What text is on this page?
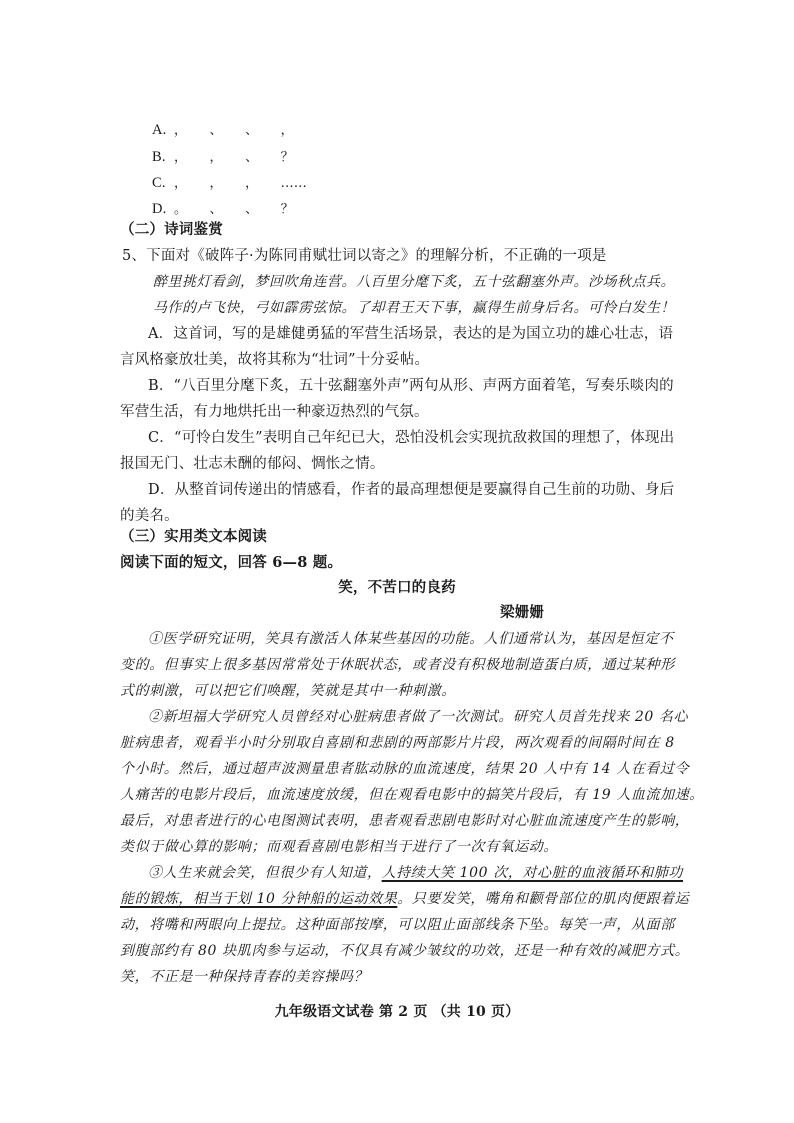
A. ， 、 、 ，
B. ， ， 、 ？
C. ， ， ， ……
D. 。 、 、 ？
（二）诗词鉴赏
5、下面对《破阵子·为陈同甫赋壮词以寄之》的理解分析，不正确的一项是
醉里挑灯看剑，梦回吹角连营。八百里分麾下炙，五十弦翻塞外声。沙场秋点兵。
马作的卢飞快，弓如霹雳弦惊。了却君王天下事，赢得生前身后名。可怜白发生！
A．这首词，写的是雄健勇猛的军营生活场景，表达的是为国立功的雄心壮志，语
言风格豪放壮美，故将其称为“壮词”十分妥帖。
B．“八百里分麾下炙，五十弦翻塞外声”两句从形、声两方面着笔，写奏乐啖肉的
军营生活，有力地烘托出一种豪迈热烈的气氛。
C．“可怜白发生”表明自己年纪已大，恐怕没机会实现抗敌救国的理想了，体现出
报国无门、壮志未酬的郁闷、惆怅之情。
D．从整首词传递出的情感看，作者的最高理想便是要赢得自己生前的功勋、身后
的美名。
（三）实用类文本阅读
阅读下面的短文，回答 6—8 题。
笑，不苦口的良药
梁姗姗
①医学研究证明，笑具有激活人体某些基因的功能。人们通常认为，基因是恒定不
变的。但事实上很多基因常常处于休眠状态，或者没有积极地制造蛋白质，通过某种形
式的刺激，可以把它们唤醒，笑就是其中一种刺激。
②新坦福大学研究人员曾经对心脏病患者做了一次测试。研究人员首先找来 20 名心
脏病患者，观看半小时分别取自喜剧和悲剧的两部影片片段，两次观看的间隔时间在 8
个小时。然后，通过超声波测量患者肱动脉的血流速度，结果 20 人中有 14 人在看过令
人痛苦的电影片段后，血流速度放缓，但在观看电影中的搞笑片段后，有 19 人血流加速。
最后，对患者进行的心电图测试表明，患者观看悲剧电影时对心脏血流速度产生的影响，
类似于做心算的影响；而观看喜剧电影相当于进行了一次有氧运动。
③人生来就会笑，但很少有人知道，人持续大笑 100 次，对心脏的血液循环和肺功
能的锻炼，相当于划 10 分钟船的运动效果。只要发笑，嘴角和颧骨部位的肌肉便跟着运
动，将嘴和两眼向上提拉。这种面部按摩，可以阻止面部线条下坠。每笑一声，从面部
到腹部约有 80 块肌肉参与运动，不仅具有减少皱纹的功效，还是一种有效的减肥方式。
笑，不正是一种保持青春的美容操吗？
九年级语文试卷 第 2 页 （共 10 页）
